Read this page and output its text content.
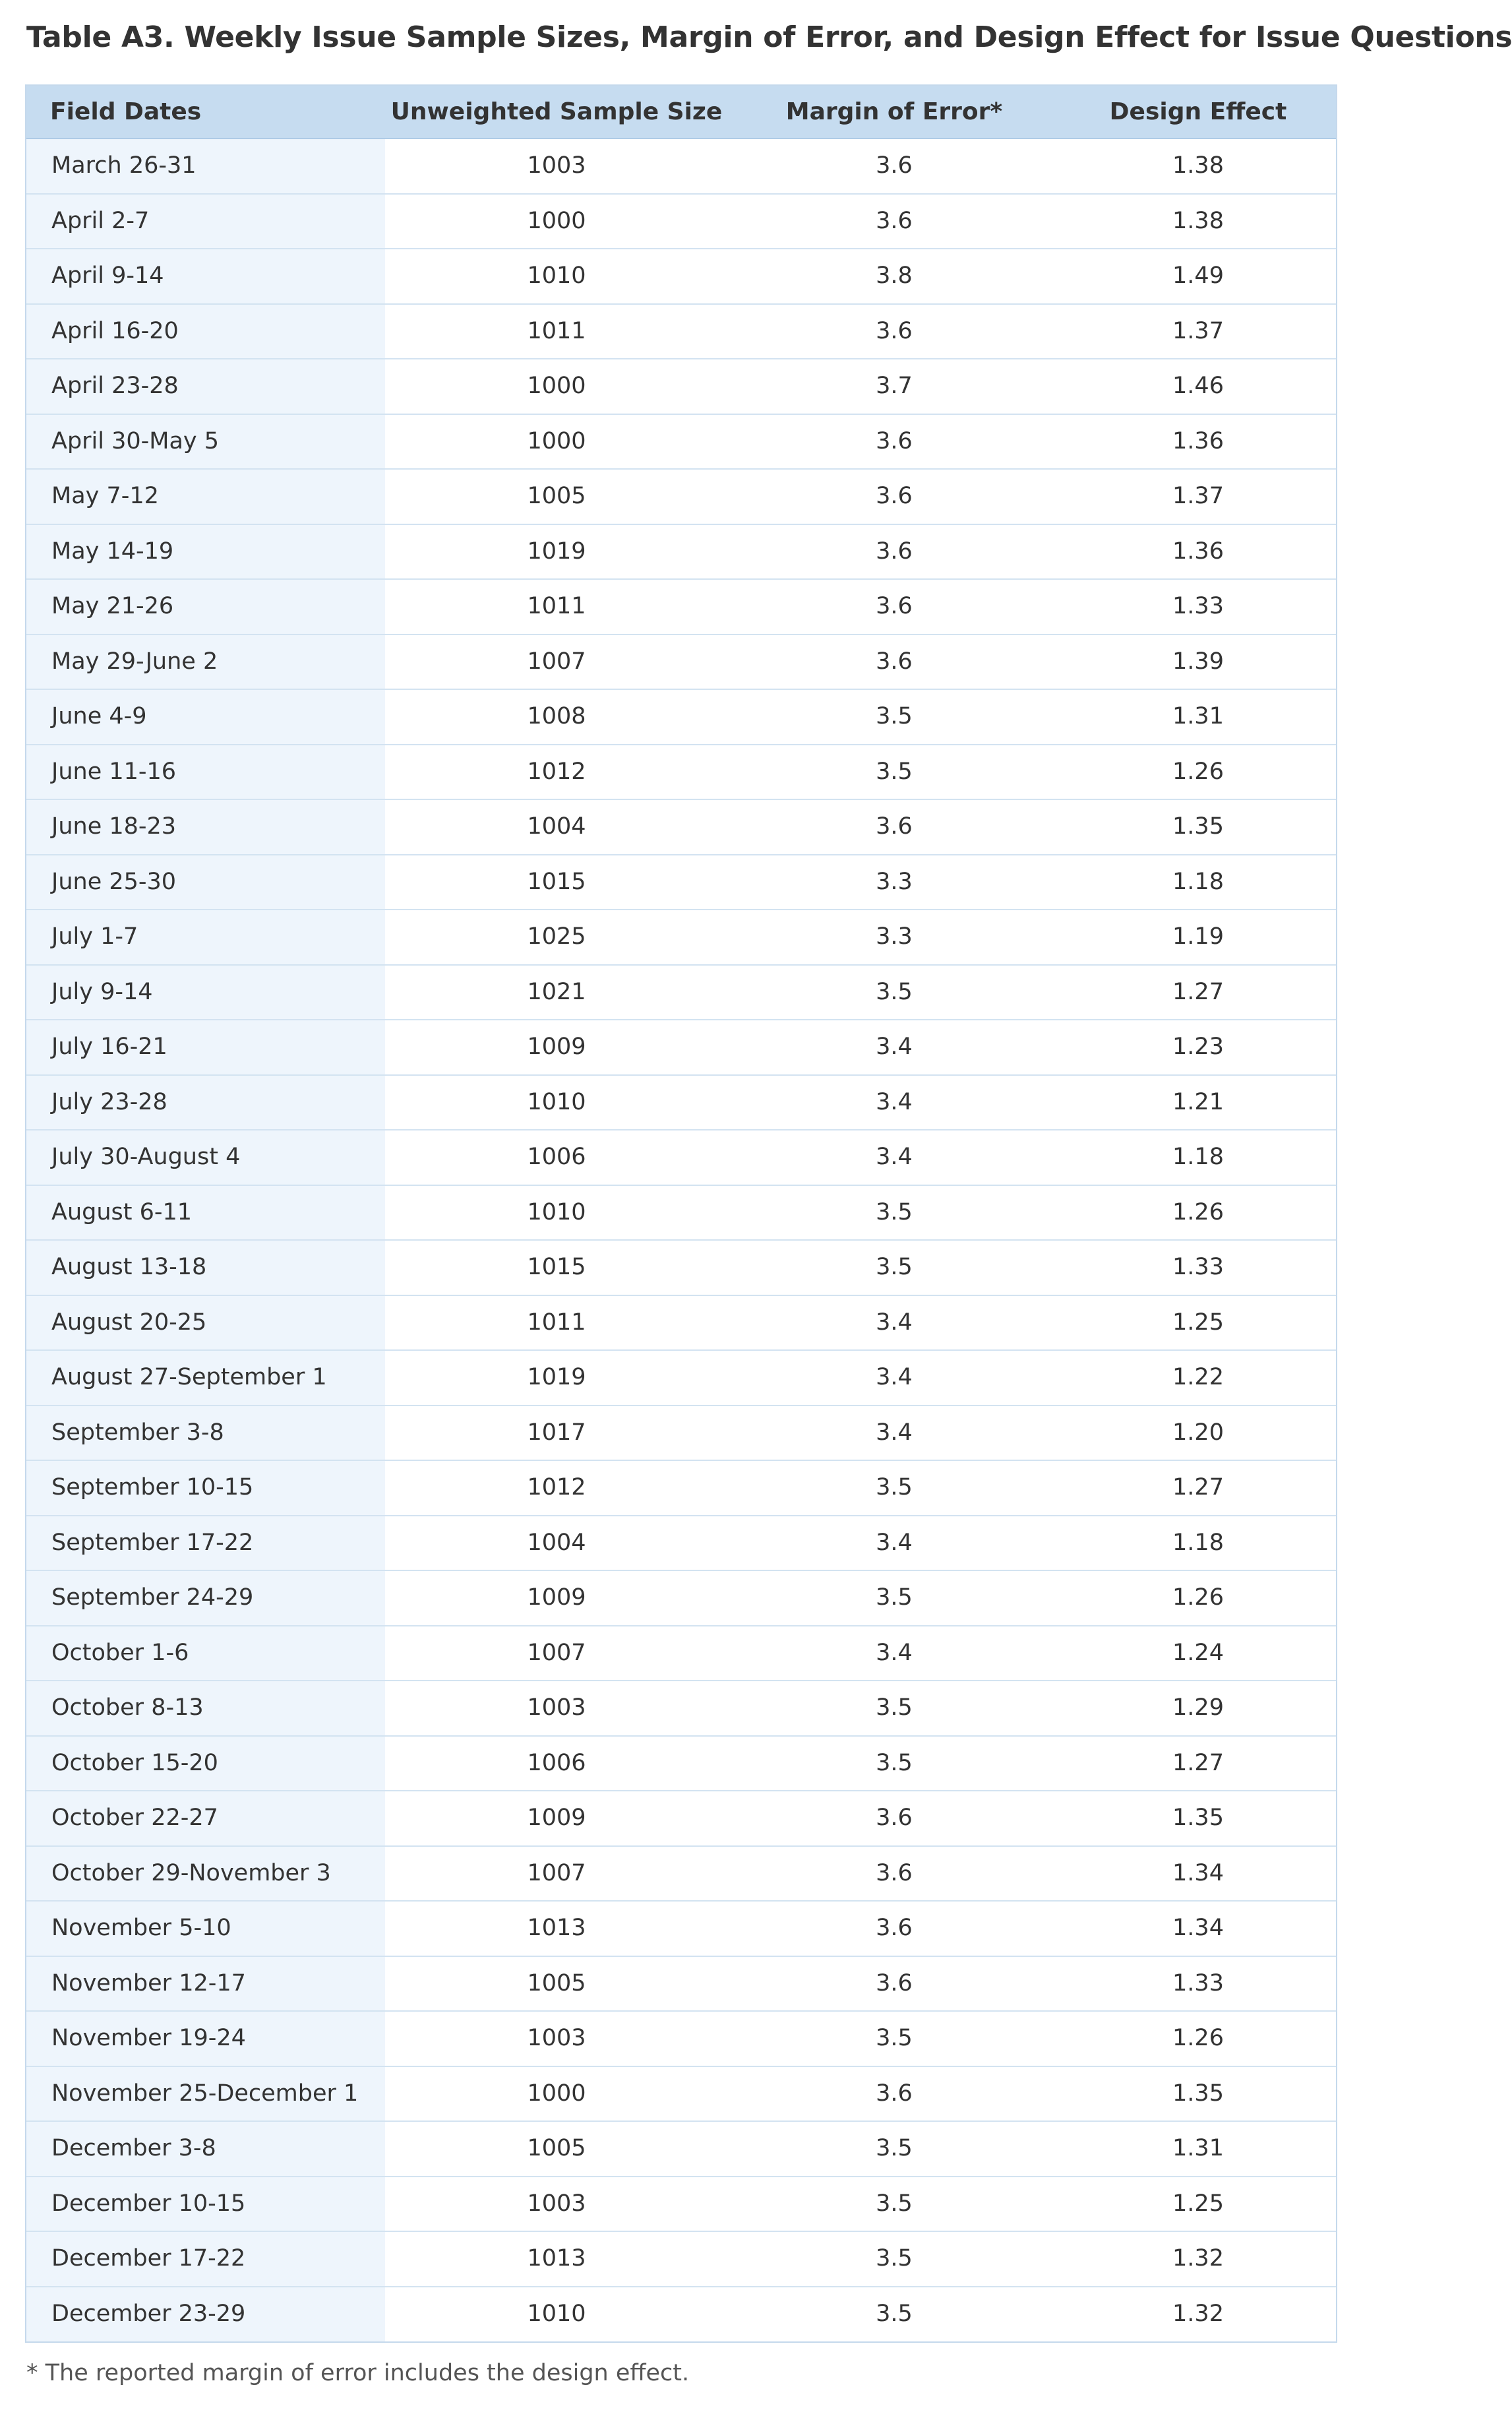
Table A3. Weekly Issue Sample Sizes, Margin of Error, and Design Effect for Issue Questions
Field Dates	Unweighted Sample Size	Margin of Error*	Design Effect
March 26-31	1003	3.6	1.38
April 2-7	1000	3.6	1.38
April 9-14	1010	3.8	1.49
April 16-20	1011	3.6	1.37
April 23-28	1000	3.7	1.46
April 30-May 5	1000	3.6	1.36
May 7-12	1005	3.6	1.37
May 14-19	1019	3.6	1.36
May 21-26	1011	3.6	1.33
May 29-June 2	1007	3.6	1.39
June 4-9	1008	3.5	1.31
June 11-16	1012	3.5	1.26
June 18-23	1004	3.6	1.35
June 25-30	1015	3.3	1.18
July 1-7	1025	3.3	1.19
July 9-14	1021	3.5	1.27
July 16-21	1009	3.4	1.23
July 23-28	1010	3.4	1.21
July 30-August 4	1006	3.4	1.18
August 6-11	1010	3.5	1.26
August 13-18	1015	3.5	1.33
August 20-25	1011	3.4	1.25
August 27-September 1	1019	3.4	1.22
September 3-8	1017	3.4	1.20
September 10-15	1012	3.5	1.27
September 17-22	1004	3.4	1.18
September 24-29	1009	3.5	1.26
October 1-6	1007	3.4	1.24
October 8-13	1003	3.5	1.29
October 15-20	1006	3.5	1.27
October 22-27	1009	3.6	1.35
October 29-November 3	1007	3.6	1.34
November 5-10	1013	3.6	1.34
November 12-17	1005	3.6	1.33
November 19-24	1003	3.5	1.26
November 25-December 1	1000	3.6	1.35
December 3-8	1005	3.5	1.31
December 10-15	1003	3.5	1.25
December 17-22	1013	3.5	1.32
December 23-29	1010	3.5	1.32
* The reported margin of error includes the design effect.
